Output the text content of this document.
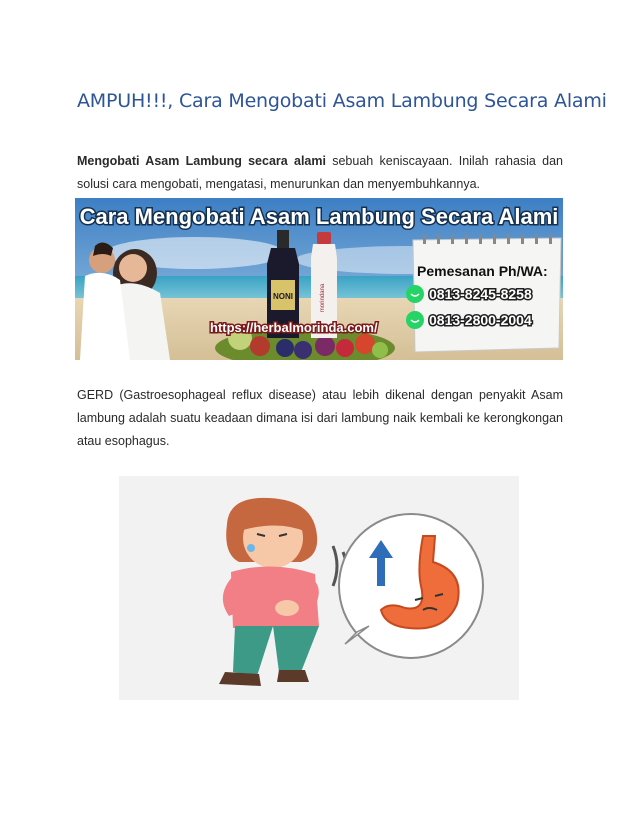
AMPUH!!!, Cara Mengobati Asam Lambung Secara Alami
Mengobati Asam Lambung secara alami sebuah keniscayaan. Inilah rahasia dan solusi cara mengobati, mengatasi, menurunkan dan menyembuhkannya.
NONI	morindana
Cara Mengobati Asam Lambung Secara Alami
Pemesanan Ph/WA:
0813-8245-8258
0813-2800-2004
https://herbalmorinda.com/
GERD (Gastroesophageal reflux disease) atau lebih dikenal dengan penyakit Asam lambung adalah suatu keadaan dimana isi dari lambung naik kembali ke kerongkongan atau esophagus.
